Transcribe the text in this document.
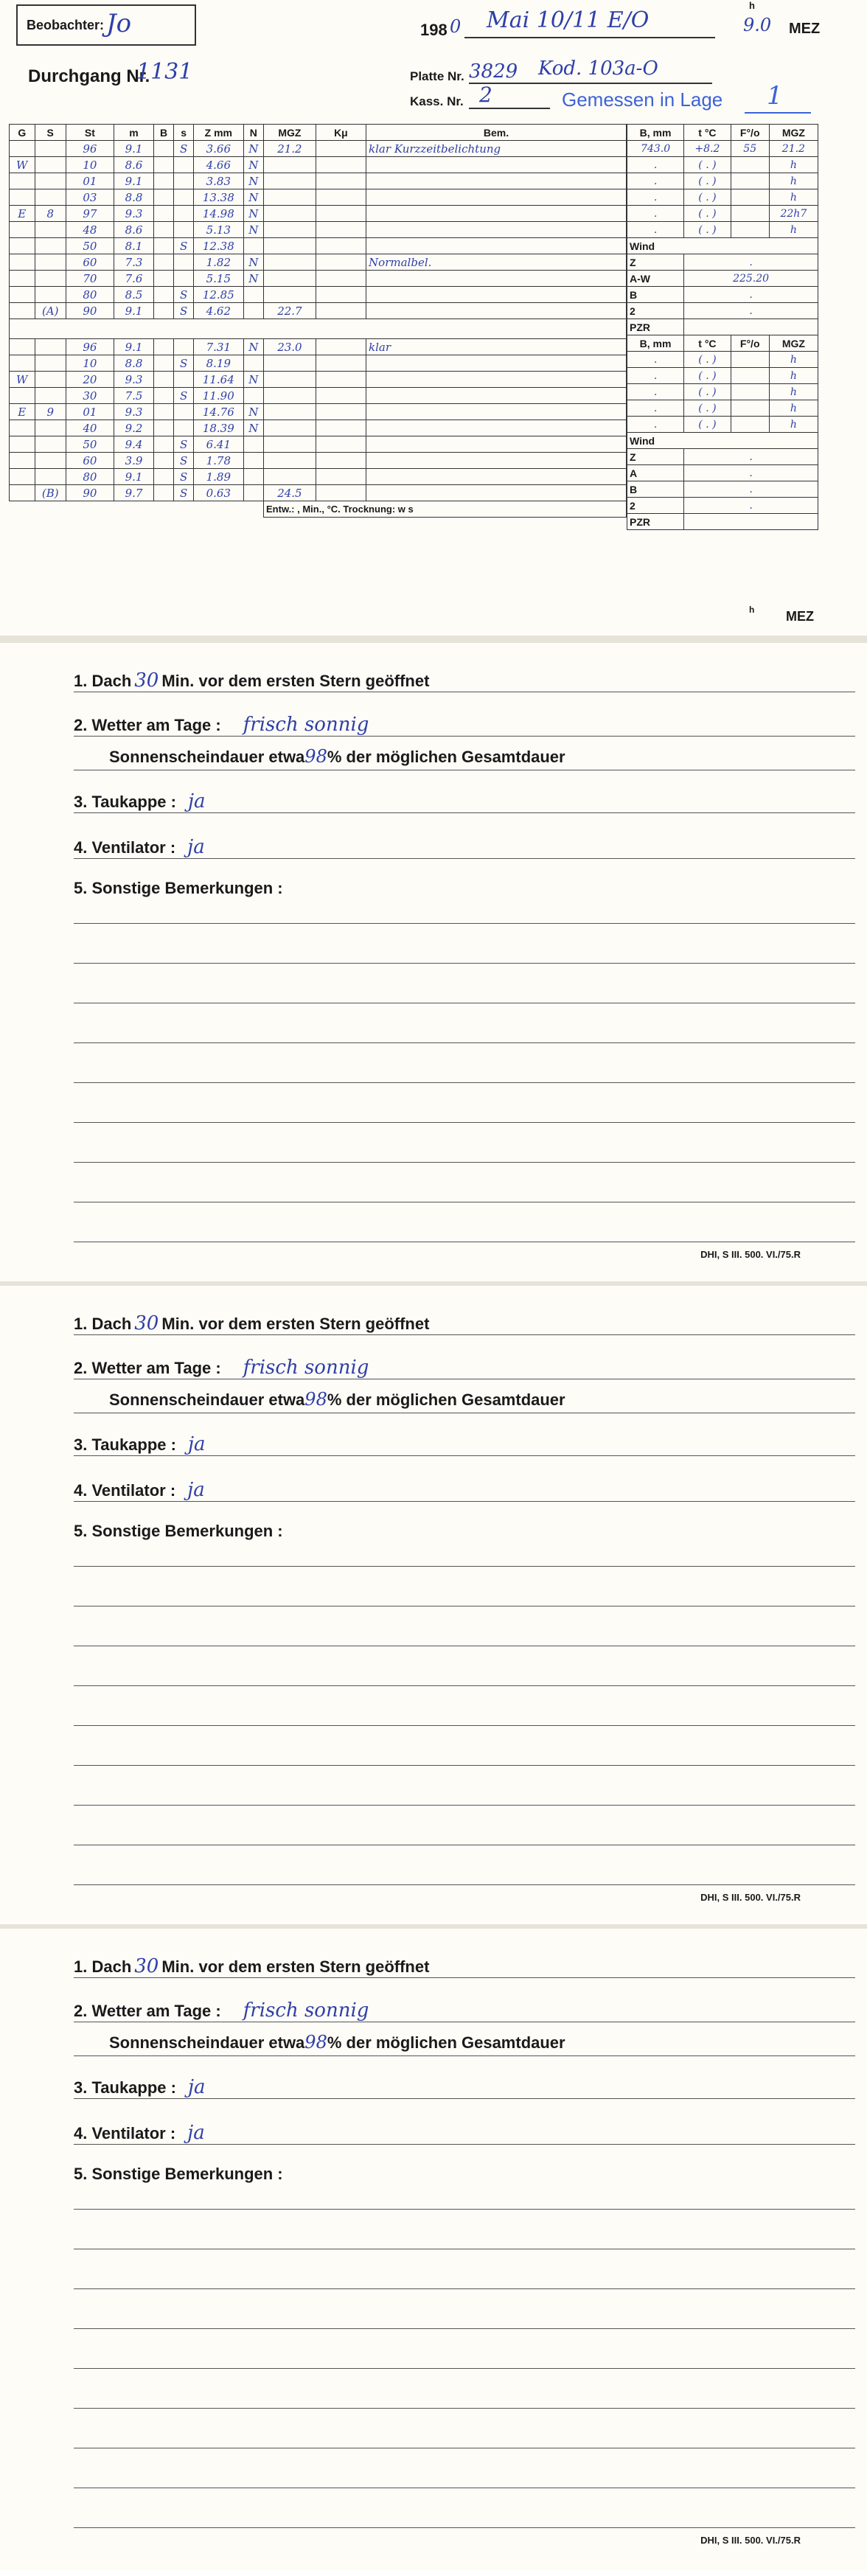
Beobachter: Jo	198 0 Mai 10/11 E/O
h
9.0 MEZ
Durchgang Nr.
1131	Platte Nr. 3829 Kod. 103a-O
Kass. Nr. 2	Gemessen in Lage 1
G	S	St	m	B	s	Z mm	N	MGZ	Kμ	Bem.
		96	9.1		S	3.66	N	21.2		klar Kurzzeitbelichtung
W		10	8.6			4.66	N			
		01	9.1			3.83	N			
		03	8.8			13.38	N			
E	8	97	9.3			14.98	N			
		48	8.6			5.13	N			
		50	8.1		S	12.38				
		60	7.3			1.82	N			Normalbel.
		70	7.6			5.15	N			
		80	8.5		S	12.85				
	(A)	90	9.1		S	4.62		22.7		

		96	9.1			7.31	N	23.0		klar
		10	8.8		S	8.19				
W		20	9.3			11.64	N			
		30	7.5		S	11.90				
E	9	01	9.3			14.76	N			
		40	9.2			18.39	N			
		50	9.4		S	6.41				
		60	3.9		S	1.78				
		80	9.1		S	1.89				
	(B)	90	9.7		S	0.63		24.5		
								Entw.: , Min., °C. Trocknung: w s		
B, mm	t °C	F°/o	MGZ
743.0	+8.2	55	21.2
.	( . )		h
.	( . )		h
.	( . )		h
.	( . )		22h7
.	( . )		h
Wind			
Z	.		
A-W	225.20		
B	.		
2	.		
PZR			
B, mm	t °C	F°/o	MGZ
.	( . )		h
.	( . )		h
.	( . )		h
.	( . )		h
.	( . )		h
Wind			
Z	.		
A	.		
B	.		
2	.		
PZR			
h MEZ
1. Dach 30 Min. vor dem ersten Stern geöffnet
2. Wetter am Tage : frisch sonnig
Sonnenscheindauer etwa98% der möglichen Gesamtdauer
3. Taukappe : ja
4. Ventilator : ja
5. Sonstige Bemerkungen :
DHI, S III. 500. VI./75.R
1. Dach 30 Min. vor dem ersten Stern geöffnet
2. Wetter am Tage : frisch sonnig
Sonnenscheindauer etwa98% der möglichen Gesamtdauer
3. Taukappe : ja
4. Ventilator : ja
5. Sonstige Bemerkungen :
DHI, S III. 500. VI./75.R
1. Dach 30 Min. vor dem ersten Stern geöffnet
2. Wetter am Tage : frisch sonnig
Sonnenscheindauer etwa98% der möglichen Gesamtdauer
3. Taukappe : ja
4. Ventilator : ja
5. Sonstige Bemerkungen :
DHI, S III. 500. VI./75.R
